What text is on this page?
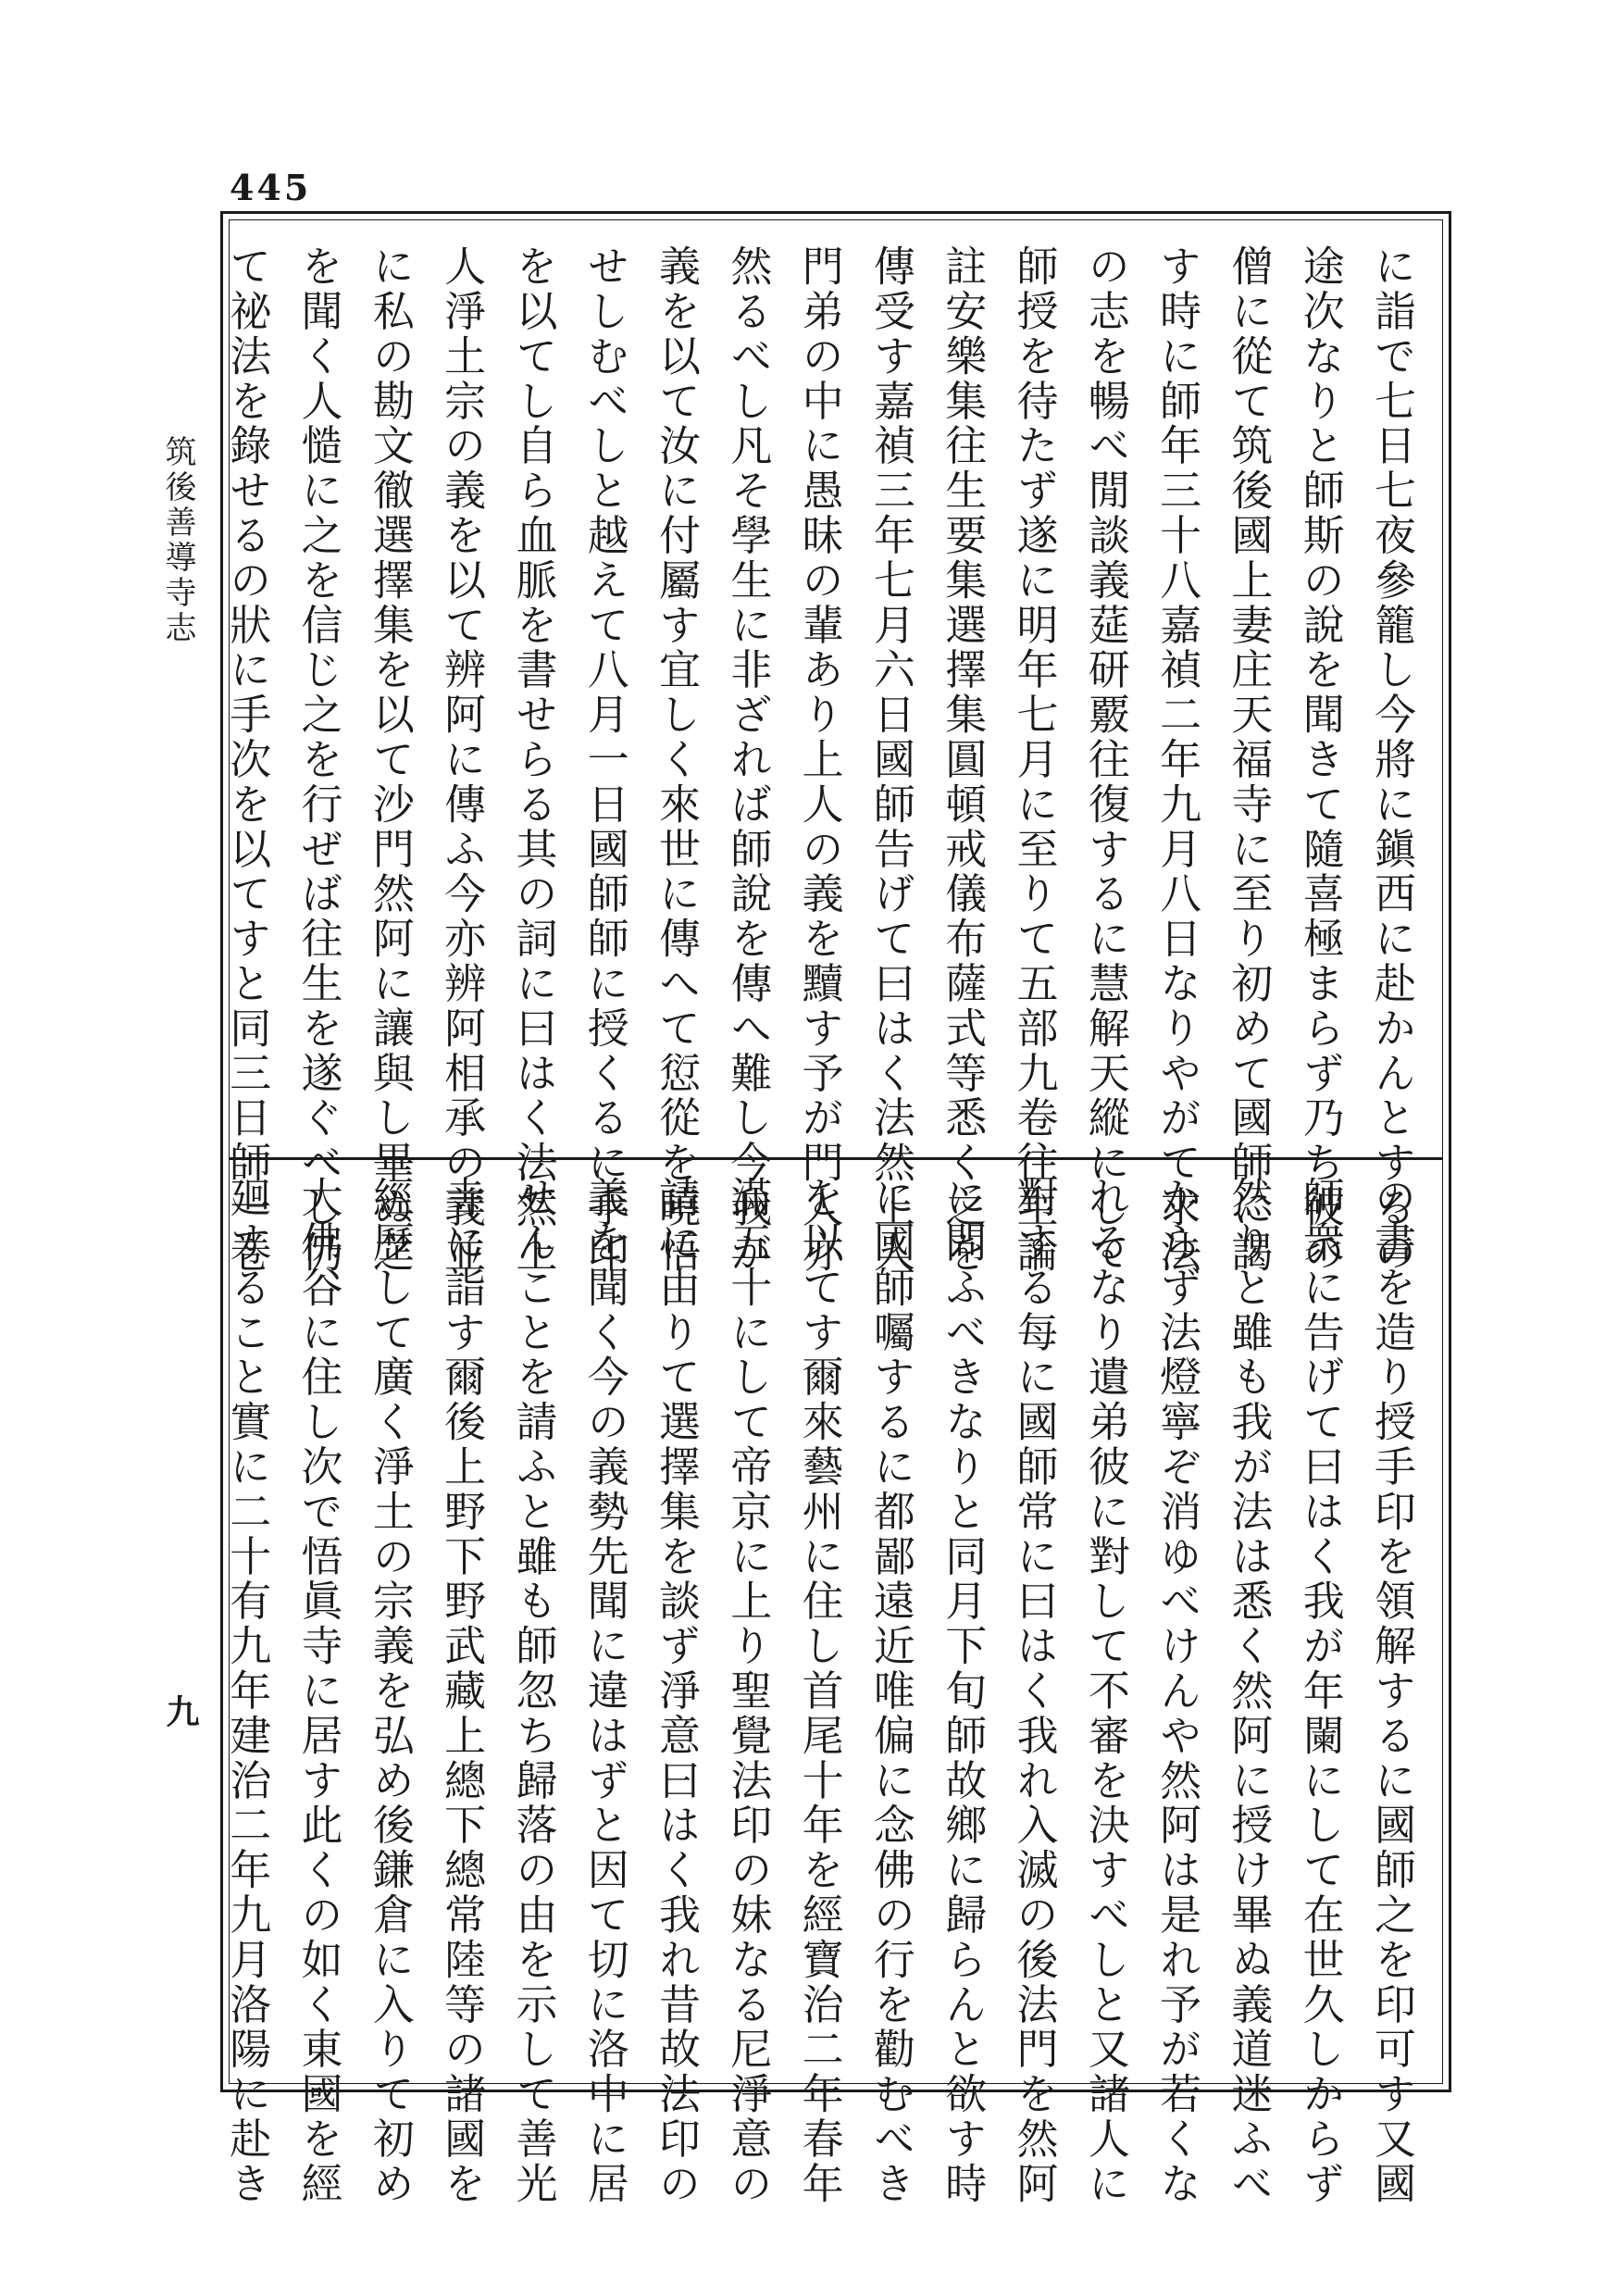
445
筑後善導寺志
九
に詣で七日七夜參籠し今將に鎭西に赴かんとするの
途次なりと師斯の說を聞きて隨喜極まらず乃ち彼の
僧に從て筑後國上妻庄天福寺に至り初めて國師に謁
す時に師年三十八嘉禎二年九月八日なりやがて求法
の志を暢べ閒談義莚研覈往復するに慧解天縱にして
師授を待たず遂に明年七月に至りて五部九卷往生論
註安樂集往生要集選擇集圓頓戒儀布薩式等悉く之を
傳受す嘉禎三年七月六日國師告げて曰はく法然上人
門弟の中に愚昧の輩あり上人の義を黷す予が門人亦
然るべし凡そ學生に非ざれば師說を傳へ難し今我が
義を以て汝に付屬す宜しく來世に傳へて愆從を曉悟
せしむべしと越えて八月一日國師師に授くるに手印
を以てし自ら血脈を書せらる其の詞に曰はく法然上
人淨土宗の義を以て辨阿に傳ふ今亦辨阿相承の義並
に私の勘文徹選擇集を以て沙門然阿に讓與し畢ぬ之
を聞く人慥に之を信じ之を行ぜば往生を遂ぐべし仍
て祕法を錄せるの狀に手次を以てすと同三日師一卷
の書を造り授手印を領解するに國師之を印可す又國
師衆に告げて曰はく我が年闌にして在世久しからず
然りと雖も我が法は悉く然阿に授け畢ぬ義道迷ふべ
からず法燈寧ぞ消ゆべけんや然阿は是れ予が若くな
れるなり遺弟彼に對して不審を決すべしと又諸人に
對する每に國師常に曰はく我れ入滅の後法門を然阿
に問ふべきなりと同月下旬師故鄉に歸らんと欲す時
に國師囑するに都鄙遠近唯偏に念佛の行を勸むべき
を以てす爾來藝州に住し首尾十年を經寶治二年春年
滿五十にして帝京に上り聖覺法印の妹なる尼淨意の
請に由りて選擇集を談ず淨意曰はく我れ昔故法印の
義を聞く今の義勢先聞に違はずと因て切に洛中に居
せんことを請ふと雖も師忽ち歸落の由を示して善光
寺に詣す爾後上野下野武藏上總下總常陸等の諸國を
經歷して廣く淨土の宗義を弘め後鎌倉に入りて初め
大佛谷に住し次で悟眞寺に居す此くの如く東國を經
廻すること實に二十有九年建治二年九月洛陽に赴き
